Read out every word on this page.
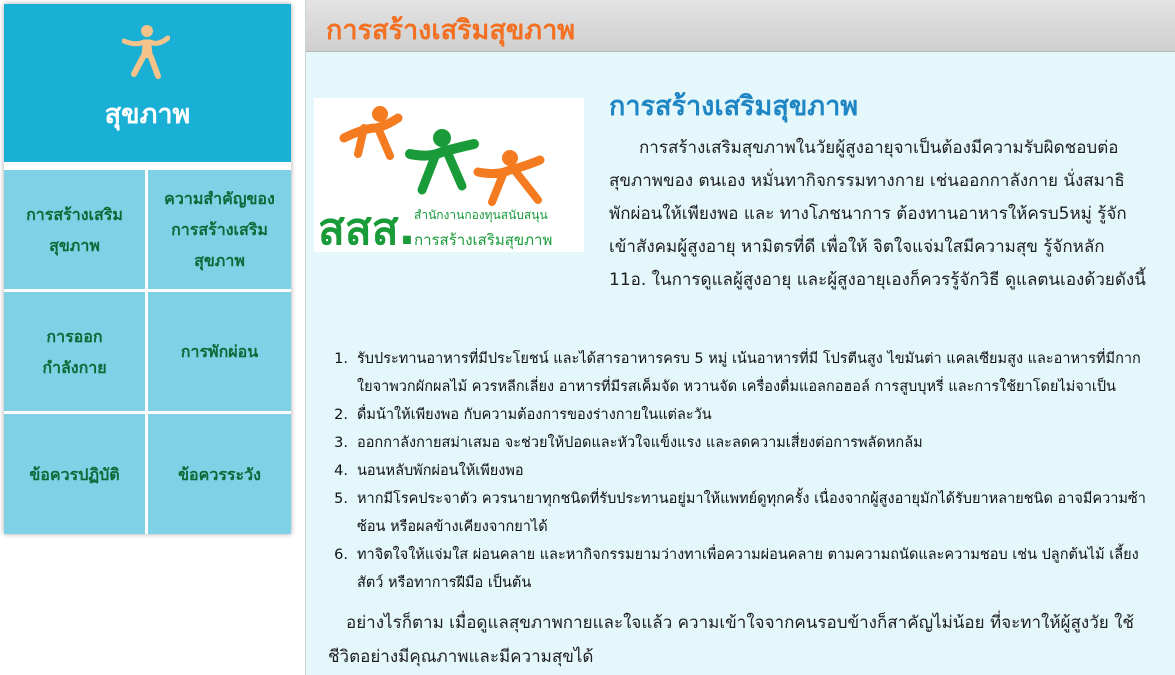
สุขภาพ
การสร้างเสริม
สุขภาพ
ความสำคัญของ
การสร้างเสริม
สุขภาพ
การออก
กำลังกาย
การพักผ่อน
ข้อควรปฏิบัติ	ข้อควรระวัง
การสร้างเสริมสุขภาพ
สสส.
สำนักงานกองทุนสนับสนุน
การสร้างเสริมสุขภาพ
การสร้างเสริมสุขภาพ

การสร้างเสริมสุขภาพในวัยผู้สูงอายุจาเป็นต้องมีความรับผิดชอบต่อสุขภาพของ ตนเอง หมั่นทากิจกรรมทางกาย เช่นออกกาลังกาย นั่งสมาธิ พักผ่อนให้เพียงพอ และ ทางโภชนาการ ต้องทานอาหารให้ครบ5หมู่ รู้จักเข้าสังคมผู้สูงอายุ หามิตรที่ดี เพื่อให้ จิตใจแจ่มใสมีความสุข รู้จักหลัก 11อ. ในการดูแลผู้สูงอายุ และผู้สูงอายุเองก็ควรรู้จักวิธี ดูแลตนเองด้วยดังนี้

1. รับประทานอาหารที่มีประโยชน์ และได้สารอาหารครบ 5 หมู่ เน้นอาหารที่มี โปรตีนสูง ไขมันต่า แคลเซียมสูง และอาหารที่มีกากใยจาพวกผักผลไม้ ควรหลีกเลี่ยง อาหารที่มีรสเค็มจัด หวานจัด เครื่องดื่มแอลกอฮอล์ การสูบบุหรี่ และการใช้ยาโดยไม่จาเป็น
2. ดื่มน้าให้เพียงพอ กับความต้องการของร่างกายในแต่ละวัน
3. ออกกาลังกายสม่าเสมอ จะช่วยให้ปอดและหัวใจแข็งแรง และลดความเสี่ยงต่อการพลัดหกล้ม
4. นอนหลับพักผ่อนให้เพียงพอ
5. หากมีโรคประจาตัว ควรนายาทุกชนิดที่รับประทานอยู่มาให้แพทย์ดูทุกครั้ง เนื่องจากผู้สูงอายุมักได้รับยาหลายชนิด อาจมีความซ้าซ้อน หรือผลข้างเคียงจากยาได้
6. ทาจิตใจให้แจ่มใส ผ่อนคลาย และหากิจกรรมยามว่างทาเพื่อความผ่อนคลาย ตามความถนัดและความชอบ เช่น ปลูกต้นไม้ เลี้ยงสัตว์ หรือทาการฝีมือ เป็นต้น

อย่างไรก็ตาม เมื่อดูแลสุขภาพกายและใจแล้ว ความเข้าใจจากคนรอบข้างก็สาคัญไม่น้อย ที่จะทาให้ผู้สูงวัย ใช้ชีวิตอย่างมีคุณภาพและมีความสุขได้
